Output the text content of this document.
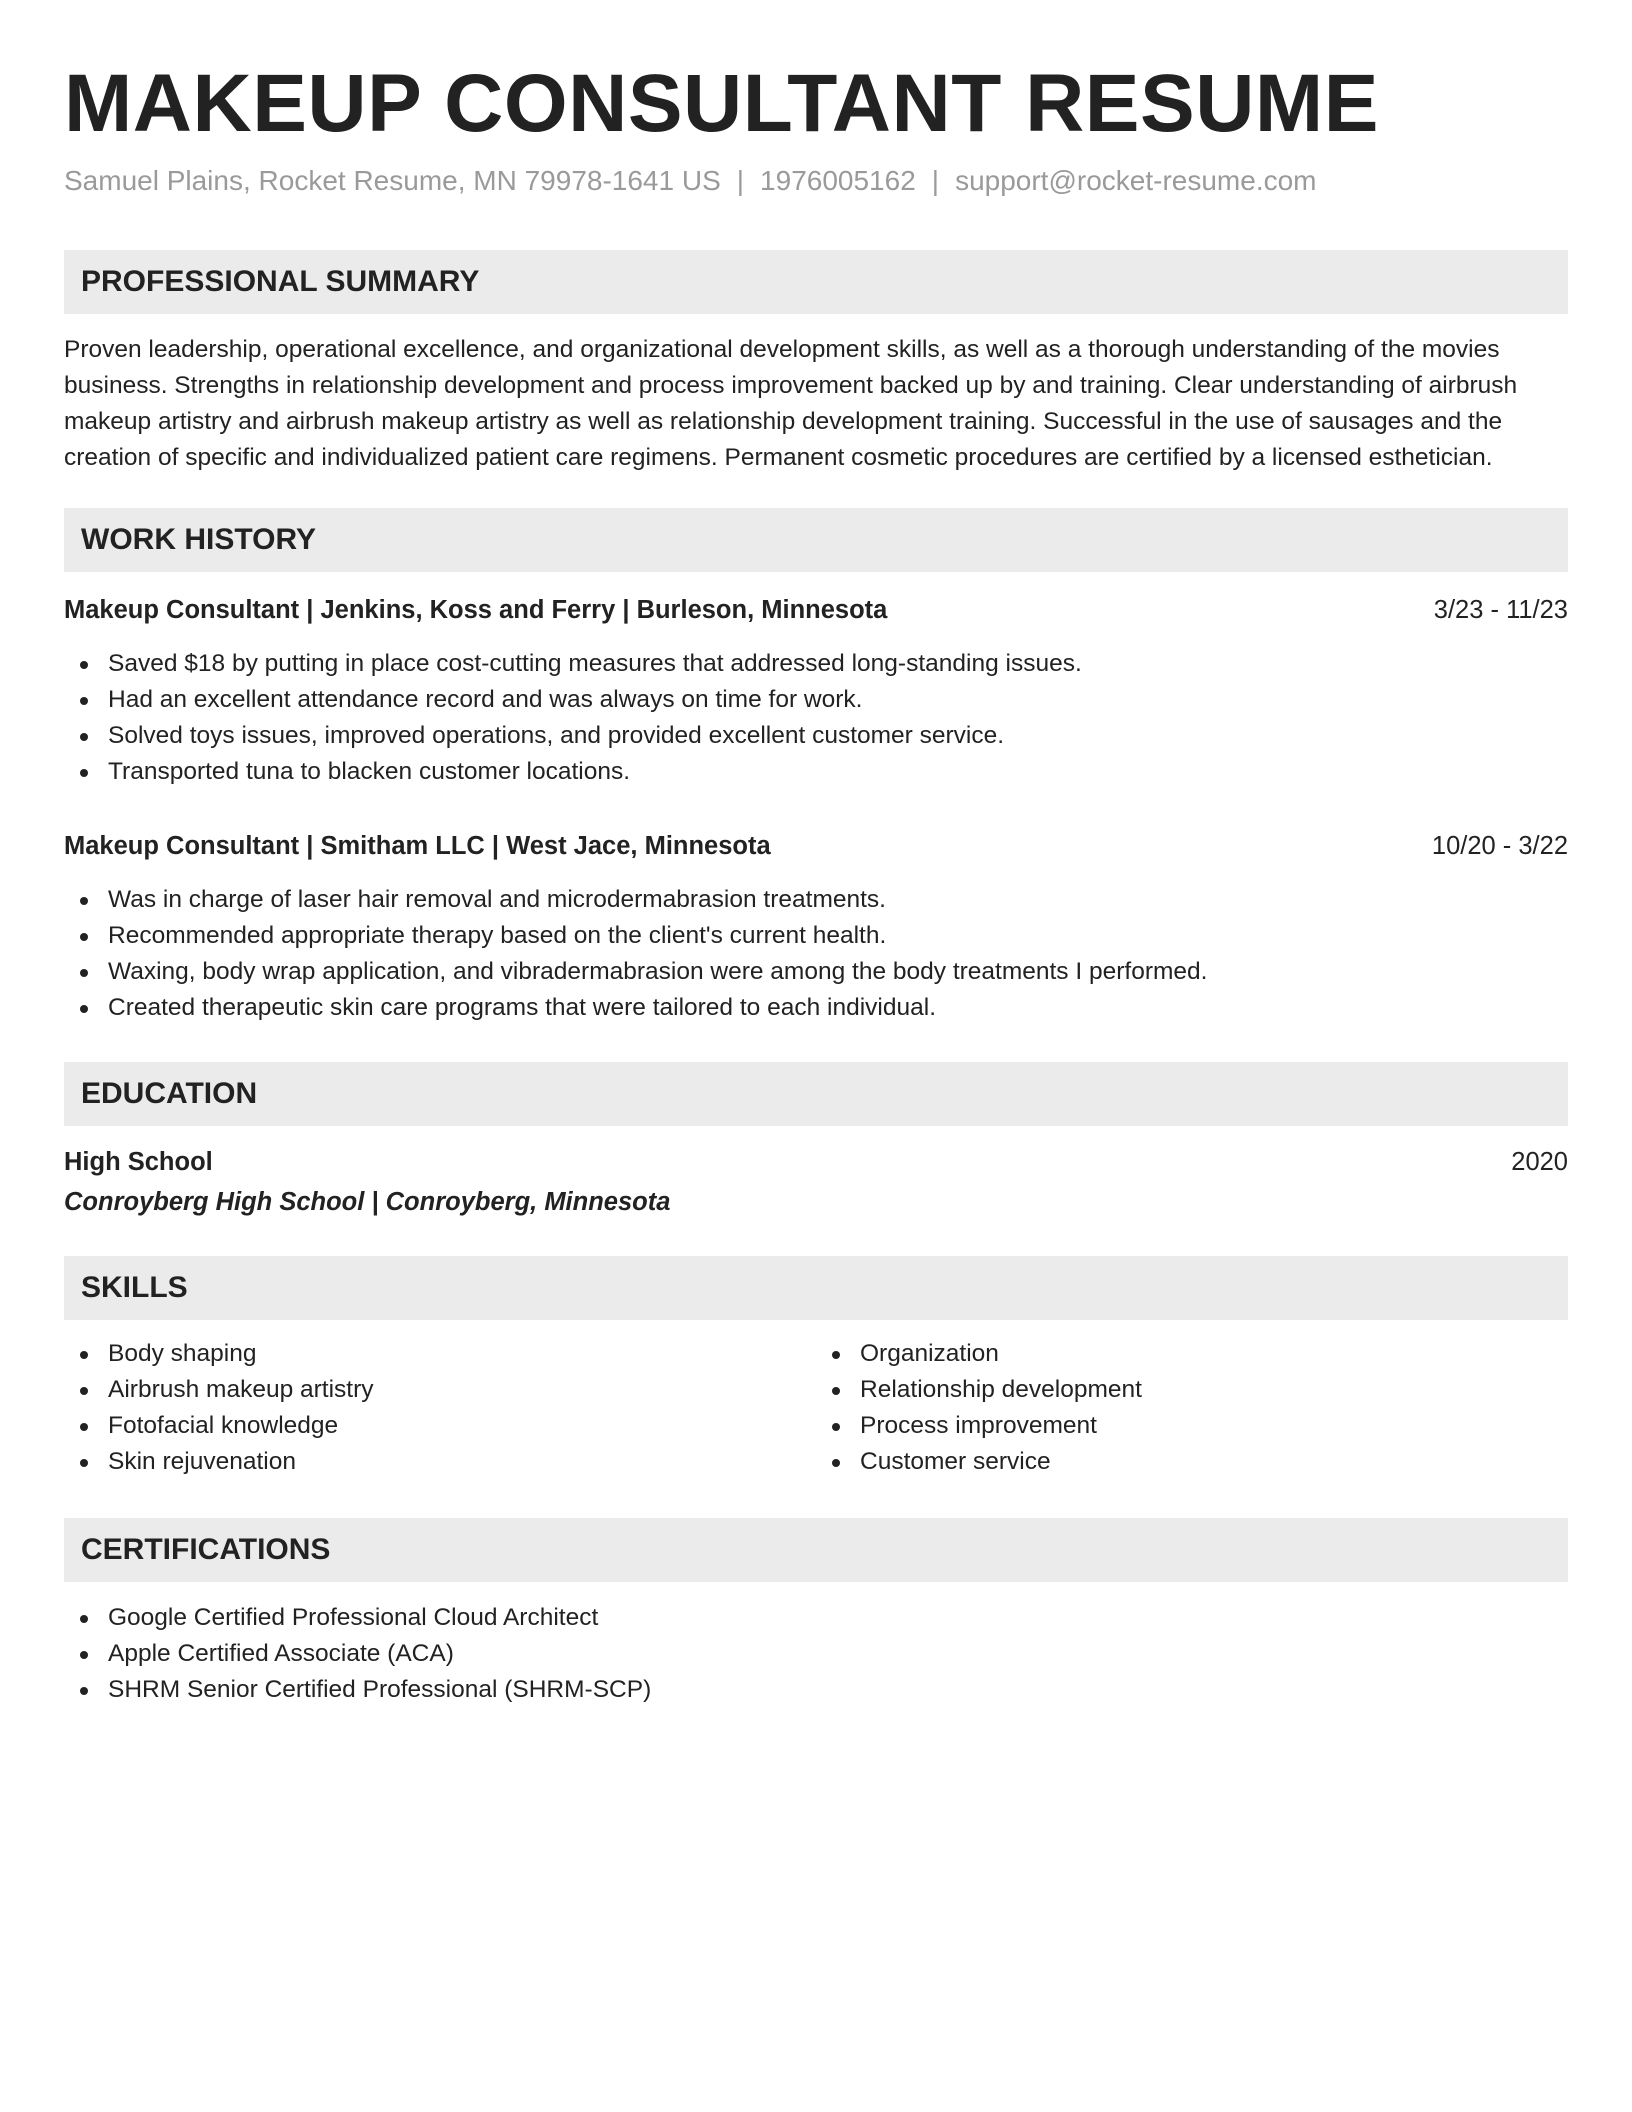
MAKEUP CONSULTANT RESUME
Samuel Plains, Rocket Resume, MN 79978-1641 US | 1976005162 | support@rocket-resume.com
PROFESSIONAL SUMMARY

Proven leadership, operational excellence, and organizational development skills, as well as a thorough understanding of the movies business. Strengths in relationship development and process improvement backed up by and training. Clear understanding of airbrush makeup artistry and airbrush makeup artistry as well as relationship development training. Successful in the use of sausages and the creation of specific and individualized patient care regimens. Permanent cosmetic procedures are certified by a licensed esthetician.

WORK HISTORY
Makeup Consultant | Jenkins, Koss and Ferry | Burleson, Minnesota	3/23 - 11/23
Saved $18 by putting in place cost-cutting measures that addressed long-standing issues.
Had an excellent attendance record and was always on time for work.
Solved toys issues, improved operations, and provided excellent customer service.
Transported tuna to blacken customer locations.
Makeup Consultant | Smitham LLC | West Jace, Minnesota	10/20 - 3/22
Was in charge of laser hair removal and microdermabrasion treatments.
Recommended appropriate therapy based on the client's current health.
Waxing, body wrap application, and vibradermabrasion were among the body treatments I performed.
Created therapeutic skin care programs that were tailored to each individual.
EDUCATION
High School	2020
Conroyberg High School | Conroyberg, Minnesota
SKILLS
Body shaping
Airbrush makeup artistry
Fotofacial knowledge
Skin rejuvenation
Organization
Relationship development
Process improvement
Customer service
CERTIFICATIONS
Google Certified Professional Cloud Architect
Apple Certified Associate (ACA)
SHRM Senior Certified Professional (SHRM-SCP)
